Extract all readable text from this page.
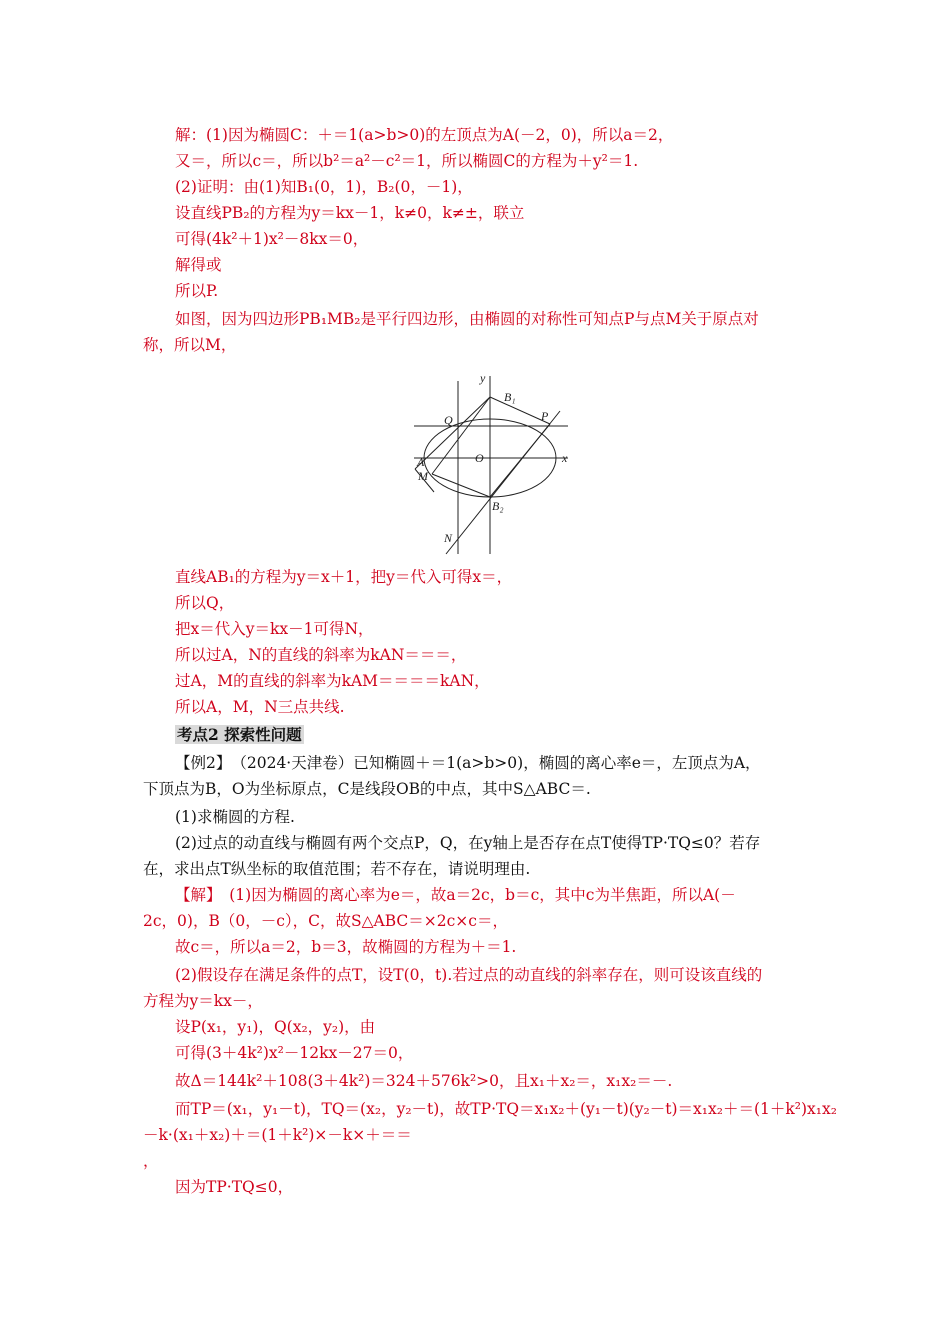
解：(1)因为椭圆C：＋＝1(a>b>0)的左顶点为A(－2，0)，所以a＝2，
又＝，所以c＝，所以b²＝a²－c²＝1，所以椭圆C的方程为＋y²＝1.
(2)证明：由(1)知B₁(0，1)，B₂(0，－1)，
设直线PB₂的方程为y＝kx－1，k≠0，k≠±，联立
可得(4k²＋1)x²－8kx＝0，
解得或
所以P.
如图，因为四边形PB₁MB₂是平行四边形，由椭圆的对称性可知点P与点M关于原点对
称，所以M，
y
x
O
B₁
B₂
P
Q
A
M
N
直线AB₁的方程为y＝x＋1，把y＝代入可得x＝，
所以Q，
把x＝代入y＝kx－1可得N，
所以过A，N的直线的斜率为kAN＝＝＝，
过A，M的直线的斜率为kAM＝＝＝＝kAN，
所以A，M，N三点共线.
考点2 探索性问题
【例2】　（2024·天津卷）已知椭圆＋＝1(a>b>0)，椭圆的离心率e＝，左顶点为A，
下顶点为B，O为坐标原点，C是线段OB的中点，其中S△ABC＝.
(1)求椭圆的方程.
(2)过点的动直线与椭圆有两个交点P，Q，在y轴上是否存在点T使得TP·TQ≤0？若存
在，求出点T纵坐标的取值范围；若不存在，请说明理由.
【解】　(1)因为椭圆的离心率为e＝，故a＝2c，b＝c，其中c为半焦距，所以A(－
2c，0)，B（0，－c），C，故S△ABC＝×2c×c＝，
故c＝，所以a＝2，b＝3，故椭圆的方程为＋＝1.
(2)假设存在满足条件的点T，设T(0，t).若过点的动直线的斜率存在，则可设该直线的
方程为y＝kx－，
设P(x₁，y₁)，Q(x₂，y₂)，由
可得(3＋4k²)x²－12kx－27＝0，
故Δ＝144k²＋108(3＋4k²)＝324＋576k²>0，且x₁＋x₂＝，x₁x₂＝－.
而TP＝(x₁，y₁－t)，TQ＝(x₂，y₂－t)，故TP·TQ＝x₁x₂＋(y₁－t)(y₂－t)＝x₁x₂＋＝(1＋k²)x₁x₂
－k·(x₁＋x₂)＋＝(1＋k²)×－k×＋＝＝
，
因为TP·TQ≤0，
